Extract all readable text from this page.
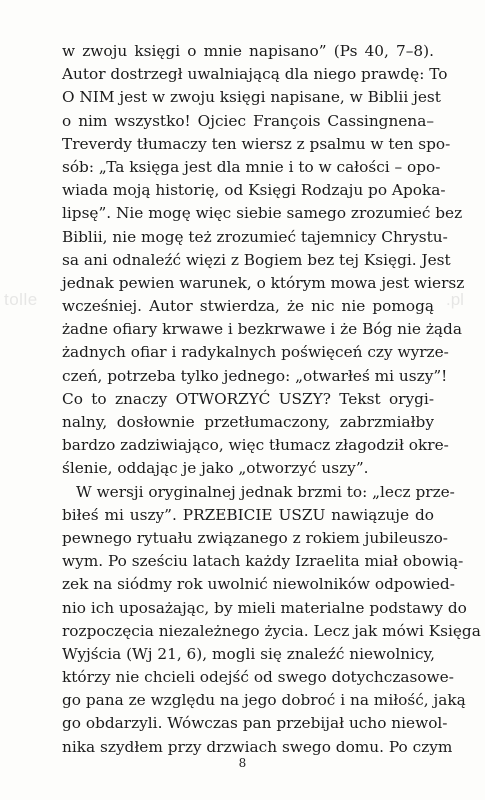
tolle	.pl
w zwoju księgi o mnie napisano” (Ps 40, 7–8).
Autor dostrzegł uwalniającą dla niego prawdę: To
O NIM jest w zwoju księgi napisane, w Biblii jest
o nim wszystko! Ojciec François Cassingnena–
Treverdy tłumaczy ten wiersz z psalmu w ten spo-
sób: „Ta księga jest dla mnie i to w całości – opo-
wiada moją historię, od Księgi Rodzaju po Apoka-
lipsę”. Nie mogę więc siebie samego zrozumieć bez
Biblii, nie mogę też zrozumieć tajemnicy Chrystu-
sa ani odnaleźć więzi z Bogiem bez tej Księgi. Jest
jednak pewien warunek, o którym mowa jest wiersz
wcześniej. Autor stwierdza, że nic nie pomogą
żadne ofiary krwawe i bezkrwawe i że Bóg nie żąda
żadnych ofiar i radykalnych poświęceń czy wyrze-
czeń, potrzeba tylko jednego: „otwarłeś mi uszy”!
Co to znaczy OTWORZYĆ USZY? Tekst orygi-
nalny, dosłownie przetłumaczony, zabrzmiałby
bardzo zadziwiająco, więc tłumacz złagodził okre-
ślenie, oddając je jako „otworzyć uszy”.
W wersji oryginalnej jednak brzmi to: „lecz prze-
biłeś mi uszy”. PRZEBICIE USZU nawiązuje do
pewnego rytuału związanego z rokiem jubileuszo-
wym. Po sześciu latach każdy Izraelita miał obowią-
zek na siódmy rok uwolnić niewolników odpowied-
nio ich uposażając, by mieli materialne podstawy do
rozpoczęcia niezależnego życia. Lecz jak mówi Księga
Wyjścia (Wj 21, 6), mogli się znaleźć niewolnicy,
którzy nie chcieli odejść od swego dotychczasowe-
go pana ze względu na jego dobroć i na miłość, jaką
go obdarzyli. Wówczas pan przebijał ucho niewol-
nika szydłem przy drzwiach swego domu. Po czym
8
